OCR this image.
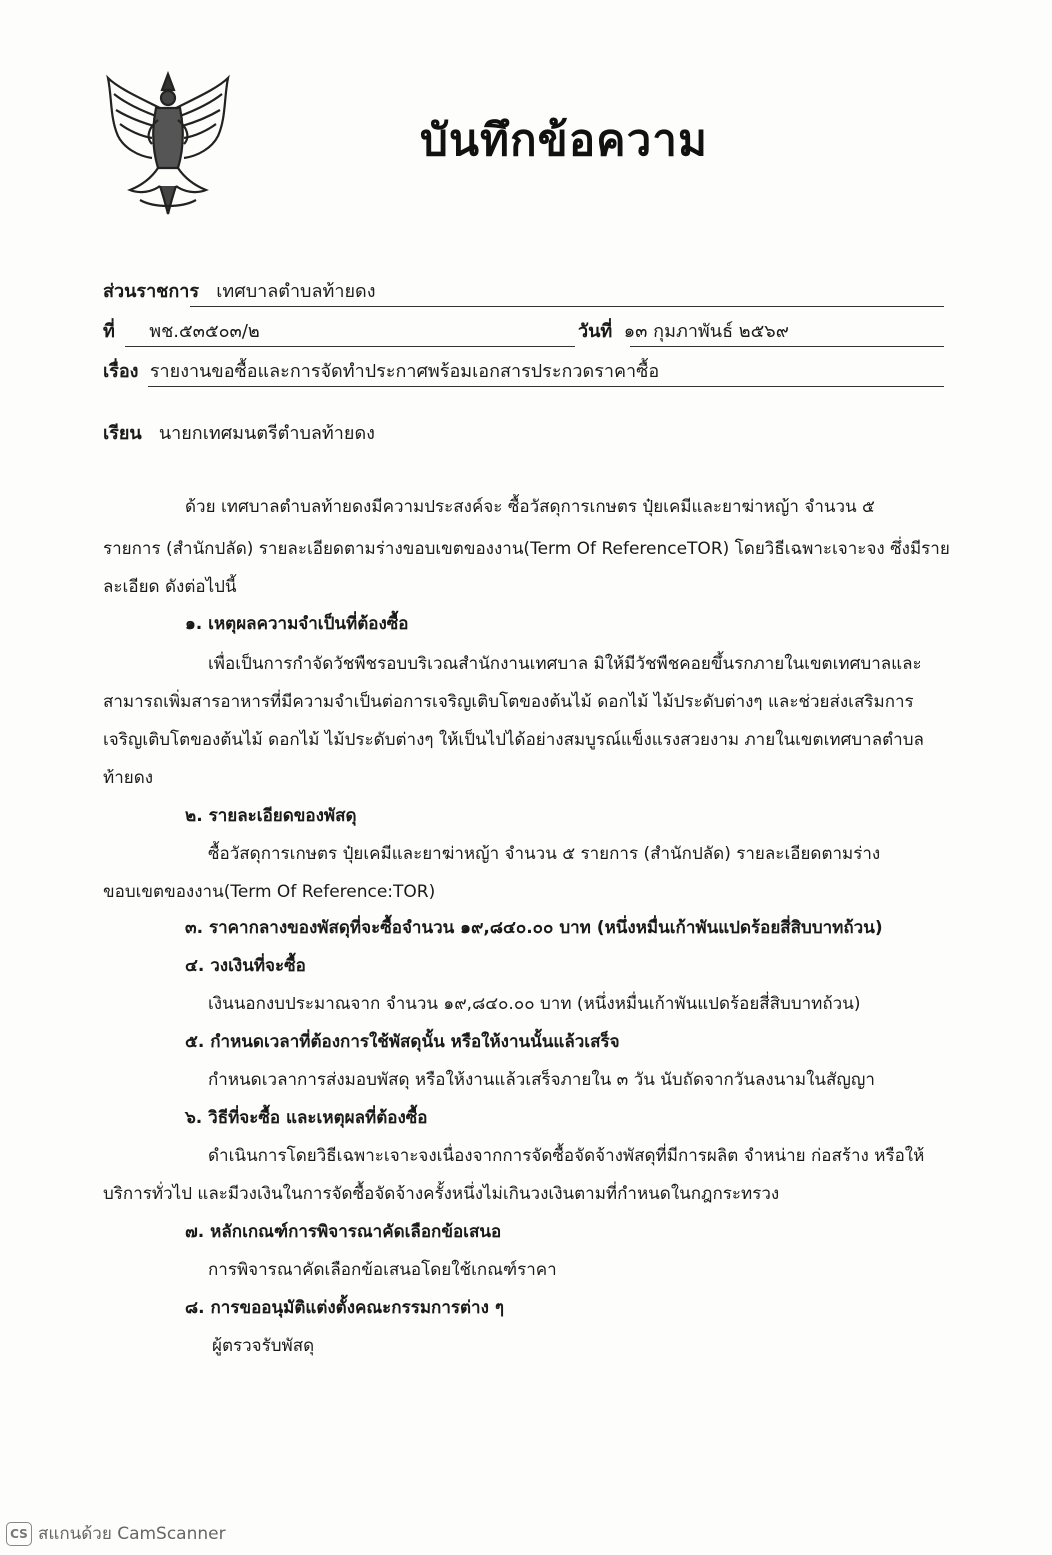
บันทึกข้อความ
ส่วนราชการ เทศบาลตำบลท้ายดง
ที่ พช.๕๓๕๐๓/๒	วันที่ ๑๓ กุมภาพันธ์ ๒๕๖๙
เรื่อง รายงานขอซื้อและการจัดทำประกาศพร้อมเอกสารประกวดราคาซื้อ
เรียน นายกเทศมนตรีตำบลท้ายดง
ด้วย เทศบาลตำบลท้ายดงมีความประสงค์จะ ซื้อวัสดุการเกษตร ปุ๋ยเคมีและยาฆ่าหญ้า จำนวน ๕
รายการ (สำนักปลัด) รายละเอียดตามร่างขอบเขตของงาน(Term Of ReferenceTOR) โดยวิธีเฉพาะเจาะจง ซึ่งมีราย
ละเอียด ดังต่อไปนี้
๑. เหตุผลความจำเป็นที่ต้องซื้อ
เพื่อเป็นการกำจัดวัชพืชรอบบริเวณสำนักงานเทศบาล มิให้มีวัชพืชคอยขึ้นรกภายในเขตเทศบาลและ
สามารถเพิ่มสารอาหารที่มีความจำเป็นต่อการเจริญเติบโตของต้นไม้ ดอกไม้ ไม้ประดับต่างๆ และช่วยส่งเสริมการ
เจริญเติบโตของต้นไม้ ดอกไม้ ไม้ประดับต่างๆ ให้เป็นไปได้อย่างสมบูรณ์แข็งแรงสวยงาม ภายในเขตเทศบาลตำบล
ท้ายดง
๒. รายละเอียดของพัสดุ
ซื้อวัสดุการเกษตร ปุ๋ยเคมีและยาฆ่าหญ้า จำนวน ๕ รายการ (สำนักปลัด) รายละเอียดตามร่าง
ขอบเขตของงาน(Term Of Reference:TOR)
๓. ราคากลางของพัสดุที่จะซื้อจำนวน ๑๙,๘๔๐.๐๐ บาท (หนึ่งหมื่นเก้าพันแปดร้อยสี่สิบบาทถ้วน)
๔. วงเงินที่จะซื้อ
เงินนอกงบประมาณจาก จำนวน ๑๙,๘๔๐.๐๐ บาท (หนึ่งหมื่นเก้าพันแปดร้อยสี่สิบบาทถ้วน)
๕. กำหนดเวลาที่ต้องการใช้พัสดุนั้น หรือให้งานนั้นแล้วเสร็จ
กำหนดเวลาการส่งมอบพัสดุ หรือให้งานแล้วเสร็จภายใน ๓ วัน นับถัดจากวันลงนามในสัญญา
๖. วิธีที่จะซื้อ และเหตุผลที่ต้องซื้อ
ดำเนินการโดยวิธีเฉพาะเจาะจงเนื่องจากการจัดซื้อจัดจ้างพัสดุที่มีการผลิต จำหน่าย ก่อสร้าง หรือให้
บริการทั่วไป และมีวงเงินในการจัดซื้อจัดจ้างครั้งหนึ่งไม่เกินวงเงินตามที่กำหนดในกฎกระทรวง
๗. หลักเกณฑ์การพิจารณาคัดเลือกข้อเสนอ
การพิจารณาคัดเลือกข้อเสนอโดยใช้เกณฑ์ราคา
๘. การขออนุมัติแต่งตั้งคณะกรรมการต่าง ๆ
ผู้ตรวจรับพัสดุ
CS สแกนด้วย CamScanner
